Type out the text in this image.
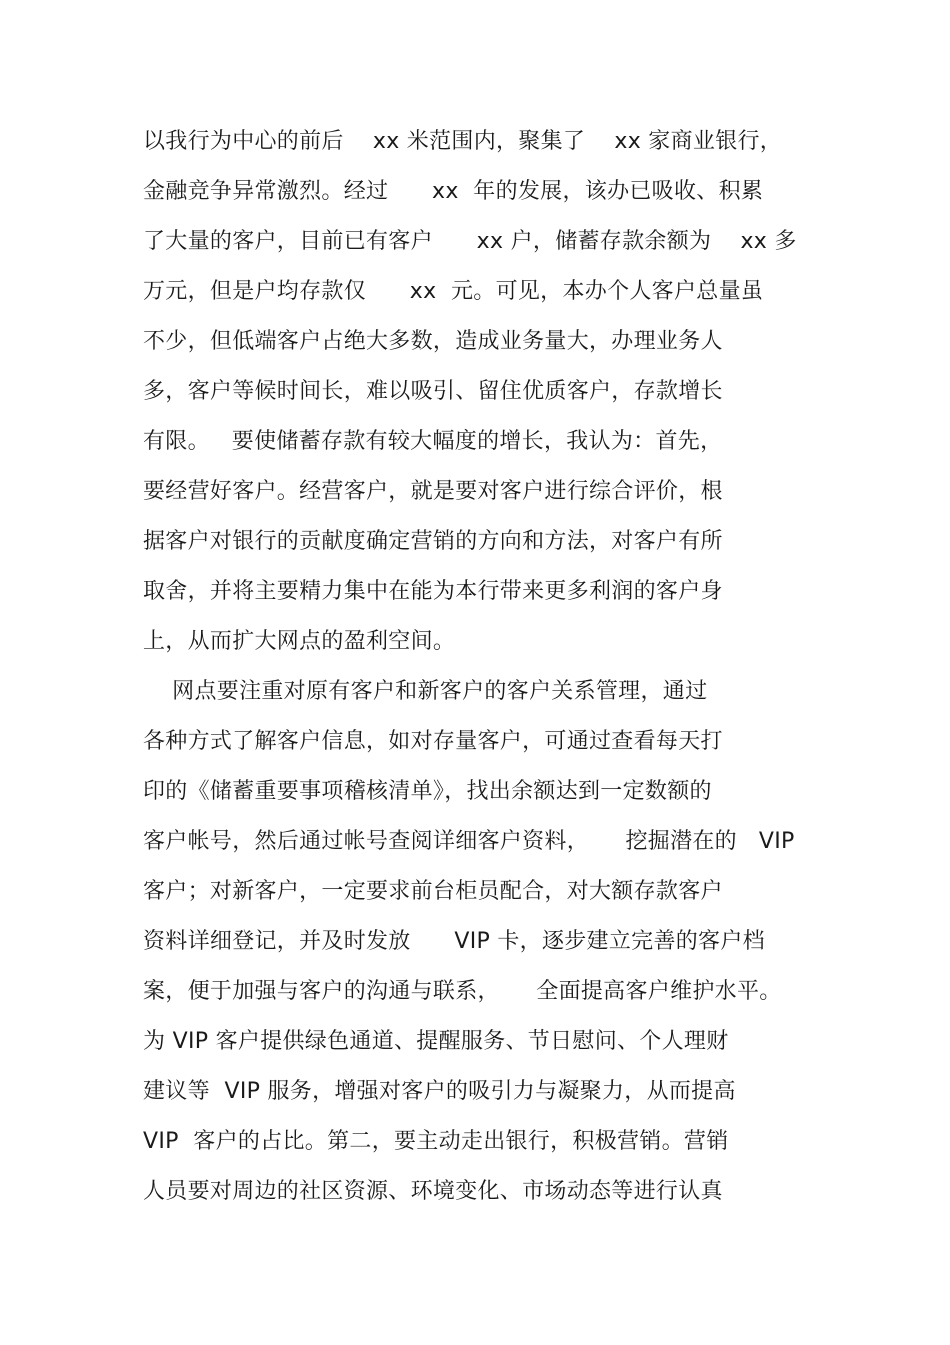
以我行为中心的前后    xx 米范围内，聚集了    xx 家商业银行，
金融竞争异常激烈。经过      xx  年的发展，该办已吸收、积累
了大量的客户，目前已有客户      xx 户，储蓄存款余额为    xx 多
万元，但是户均存款仅      xx  元。可见，本办个人客户总量虽
不少，但低端客户占绝大多数，造成业务量大，办理业务人
多，客户等候时间长，难以吸引、留住优质客户，存款增长
有限。   要使储蓄存款有较大幅度的增长，我认为：首先，
要经营好客户。经营客户，就是要对客户进行综合评价，根
据客户对银行的贡献度确定营销的方向和方法，对客户有所
取舍，并将主要精力集中在能为本行带来更多利润的客户身
上，从而扩大网点的盈利空间。
网点要注重对原有客户和新客户的客户关系管理，通过
各种方式了解客户信息，如对存量客户，可通过查看每天打
印的《储蓄重要事项稽核清单》，找出余额达到一定数额的
客户帐号，然后通过帐号查阅详细客户资料，     挖掘潜在的   VIP
客户；对新客户，一定要求前台柜员配合，对大额存款客户
资料详细登记，并及时发放      VIP 卡，逐步建立完善的客户档
案，便于加强与客户的沟通与联系，     全面提高客户维护水平。
为 VIP 客户提供绿色通道、提醒服务、节日慰问、个人理财
建议等  VIP 服务，增强对客户的吸引力与凝聚力，从而提高
VIP  客户的占比。第二，要主动走出银行，积极营销。营销
人员要对周边的社区资源、环境变化、市场动态等进行认真
